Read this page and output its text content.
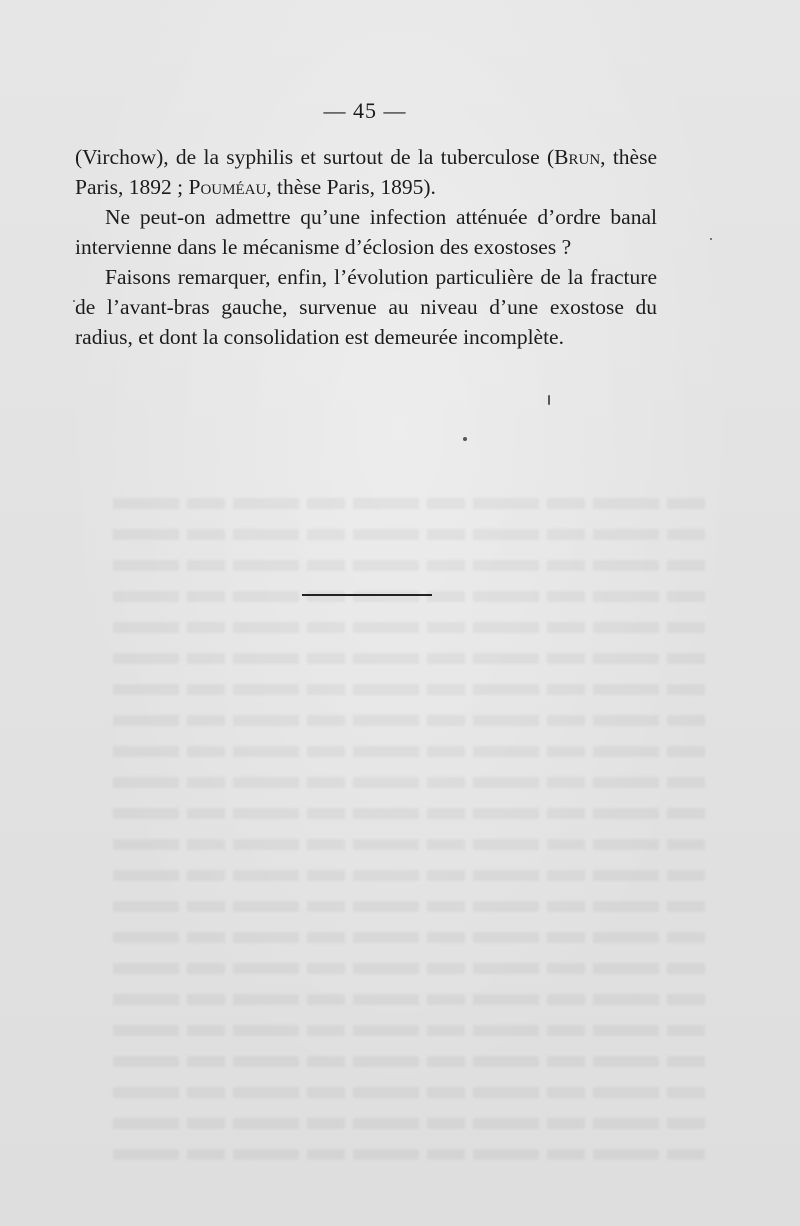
— 45 —

(Virchow), de la syphilis et surtout de la tuberculose (Brun, thèse Paris, 1892 ; Pouméau, thèse Paris, 1895).

Ne peut-on admettre qu’une infection atténuée d’ordre banal intervienne dans le mécanisme d’éclosion des exostoses ?

Faisons remarquer, enfin, l’évolution particulière de la fracture de l’avant-bras gauche, survenue au niveau d’une exostose du radius, et dont la consolidation est demeurée incomplète.
